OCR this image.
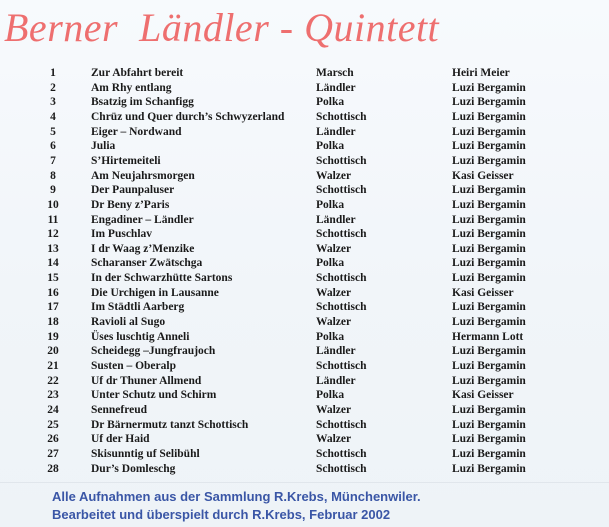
Berner  Ländler - Quintett
1	Zur Abfahrt bereit	Marsch	Heiri Meier
2	Am Rhy entlang	Ländler	Luzi Bergamin
3	Bsatzig im Schanfigg	Polka	Luzi Bergamin
4	Chrüz und Quer durch’s Schwyzerland	Schottisch	Luzi Bergamin
5	Eiger – Nordwand	Ländler	Luzi Bergamin
6	Julia	Polka	Luzi Bergamin
7	S’Hirtemeiteli	Schottisch	Luzi Bergamin
8	Am Neujahrsmorgen	Walzer	Kasi Geisser
9	Der Paunpaluser	Schottisch	Luzi Bergamin
10	Dr Beny z’Paris	Polka	Luzi Bergamin
11	Engadiner – Ländler	Ländler	Luzi Bergamin
12	Im Puschlav	Schottisch	Luzi Bergamin
13	I dr Waag z’Menzike	Walzer	Luzi Bergamin
14	Scharanser Zwätschga	Polka	Luzi Bergamin
15	In der Schwarzhütte Sartons	Schottisch	Luzi Bergamin
16	Die Urchigen in Lausanne	Walzer	Kasi Geisser
17	Im Städtli Aarberg	Schottisch	Luzi Bergamin
18	Ravioli al Sugo	Walzer	Luzi Bergamin
19	Üses luschtig Anneli	Polka	Hermann Lott
20	Scheidegg –Jungfraujoch	Ländler	Luzi Bergamin
21	Susten – Oberalp	Schottisch	Luzi Bergamin
22	Uf dr Thuner Allmend	Ländler	Luzi Bergamin
23	Unter Schutz und Schirm	Polka	Kasi Geisser
24	Sennefreud	Walzer	Luzi Bergamin
25	Dr Bärnermutz tanzt Schottisch	Schottisch	Luzi Bergamin
26	Uf der Haid	Walzer	Luzi Bergamin
27	Skisunntig uf Selibühl	Schottisch	Luzi Bergamin
28	Dur’s Domleschg	Schottisch	Luzi Bergamin
Alle Aufnahmen aus der Sammlung R.Krebs, Münchenwiler.
Bearbeitet und überspielt durch R.Krebs, Februar 2002
